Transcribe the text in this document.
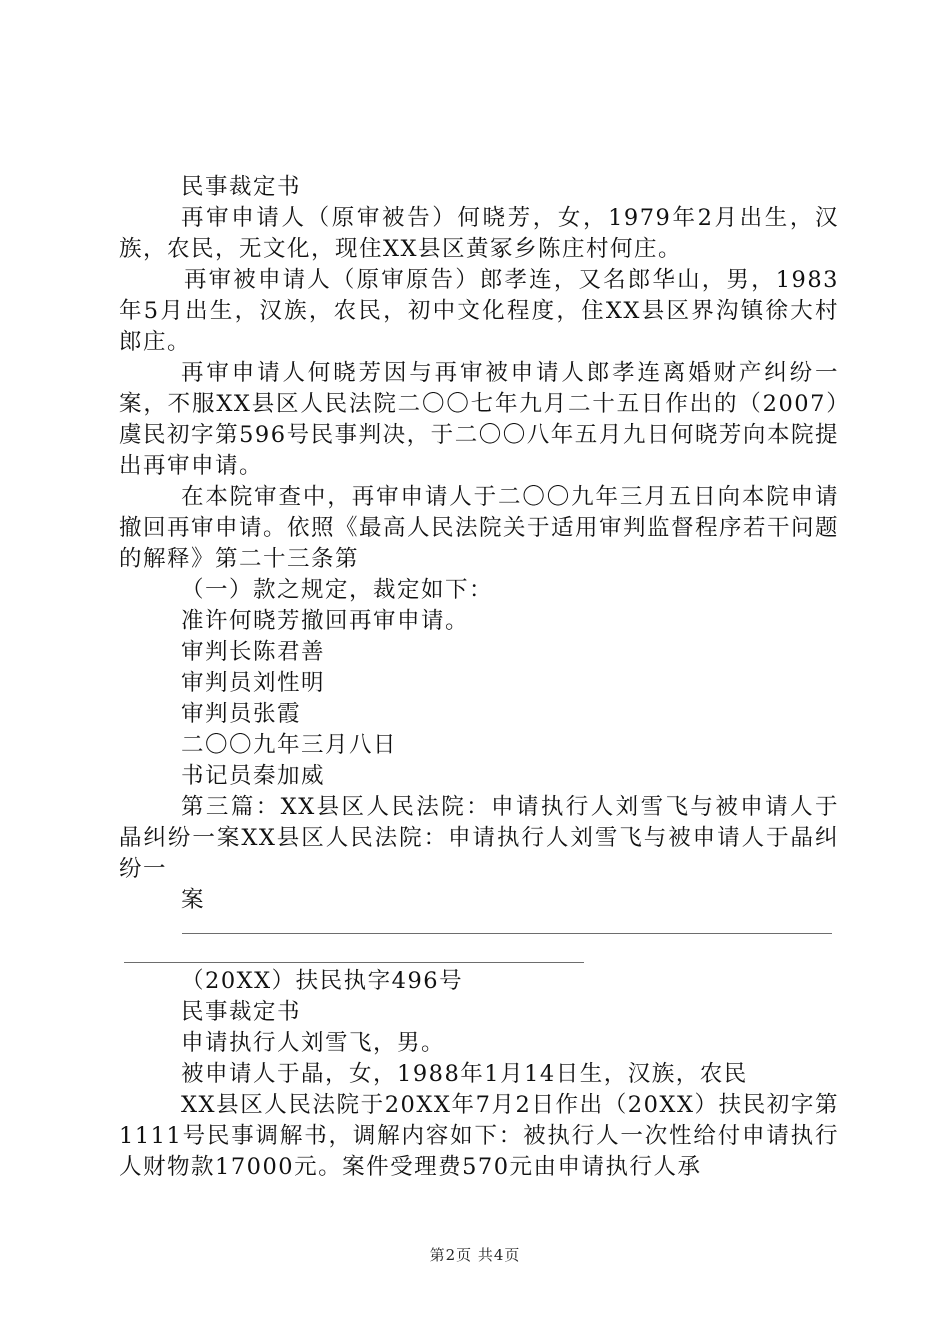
民事裁定书

再审申请人（原审被告）何晓芳，女，1979年2月出生，汉族，农民，无文化，现住XX县区黄冢乡陈庄村何庄。

再审被申请人（原审原告）郎孝连，又名郎华山，男，1983年5月出生，汉族，农民，初中文化程度，住XX县区界沟镇徐大村郎庄。

再审申请人何晓芳因与再审被申请人郎孝连离婚财产纠纷一案，不服XX县区人民法院二〇〇七年九月二十五日作出的（2007）虞民初字第596号民事判决，于二〇〇八年五月九日何晓芳向本院提出再审申请。

在本院审查中，再审申请人于二〇〇九年三月五日向本院申请撤回再审申请。依照《最高人民法院关于适用审判监督程序若干问题的解释》第二十三条第

（一）款之规定，裁定如下：

准许何晓芳撤回再审申请。

审判长陈君善

审判员刘性明

审判员张霞

二〇〇九年三月八日

书记员秦加威

第三篇：XX县区人民法院：申请执行人刘雪飞与被申请人于晶纠纷一案XX县区人民法院：申请执行人刘雪飞与被申请人于晶纠纷一

案

（20XX）扶民执字496号

民事裁定书

申请执行人刘雪飞，男。

被申请人于晶，女，1988年1月14日生，汉族，农民

XX县区人民法院于20XX年7月2日作出（20XX）扶民初字第1111号民事调解书，调解内容如下：被执行人一次性给付申请执行人财物款17000元。案件受理费570元由申请执行人承

第2页 共4页
